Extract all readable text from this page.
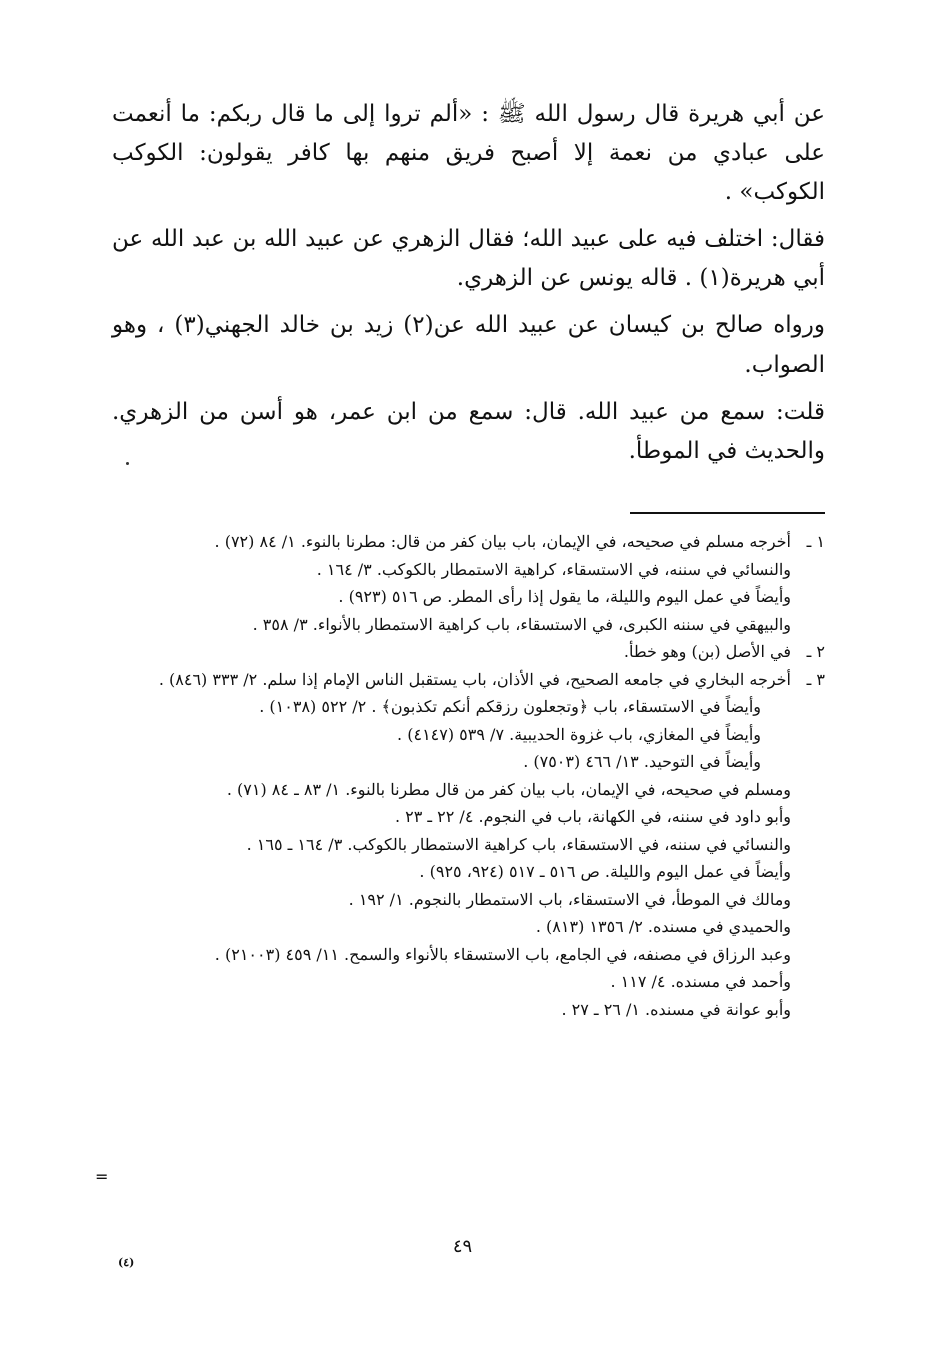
عن أبي هريرة قال رسول الله ﷺ : «ألم تروا إلى ما قال ربكم: ما أنعمت على عبادي من نعمة إلا أصبح فريق منهم بها كافر يقولون: الكوكب الكوكب» .

فقال: اختلف فيه على عبيد الله؛ فقال الزهري عن عبيد الله بن عبد الله عن أبي هريرة(١) . قاله يونس عن الزهري.

ورواه صالح بن كيسان عن عبيد الله عن(٢) زيد بن خالد الجهني(٣) ، وهو الصواب.

قلت: سمع من عبيد الله. قال: سمع من ابن عمر، هو أسن من الزهري. والحديث في الموطأ.

١ ـ
أخرجه مسلم في صحيحه، في الإيمان، باب بيان كفر من قال: مطرنا بالنوء. ١/ ٨٤ (٧٢) .
والنسائي في سننه، في الاستسقاء، كراهية الاستمطار بالكوكب. ٣/ ١٦٤ .
وأيضاً في عمل اليوم والليلة، ما يقول إذا رأى المطر. ص ٥١٦ (٩٢٣) .
والبيهقي في سننه الكبرى، في الاستسقاء، باب كراهية الاستمطار بالأنواء. ٣/ ٣٥٨ .
٢ ـ
في الأصل (بن) وهو خطأ.
٣ ـ
أخرجه البخاري في جامعه الصحيح، في الأذان، باب يستقبل الناس الإمام إذا سلم. ٢/ ٣٣٣ (٨٤٦) .
وأيضاً في الاستسقاء، باب ﴿وتجعلون رزقكم أنكم تكذبون﴾ . ٢/ ٥٢٢ (١٠٣٨) .
وأيضاً في المغازي، باب غزوة الحديبية. ٧/ ٥٣٩ (٤١٤٧) .
وأيضاً في التوحيد. ١٣/ ٤٦٦ (٧٥٠٣) .
ومسلم في صحيحه، في الإيمان، باب بيان كفر من قال مطرنا بالنوء. ١/ ٨٣ ـ ٨٤ (٧١) .
وأبو داود في سننه، في الكهانة، باب في النجوم. ٤/ ٢٢ ـ ٢٣ .
والنسائي في سننه، في الاستسقاء، باب كراهية الاستمطار بالكوكب. ٣/ ١٦٤ ـ ١٦٥ .
وأيضاً في عمل اليوم والليلة. ص ٥١٦ ـ ٥١٧ (٩٢٤، ٩٢٥) .
ومالك في الموطأ، في الاستسقاء، باب الاستمطار بالنجوم. ١/ ١٩٢ .
والحميدي في مسنده. ٢/ ١٣٥٦ (٨١٣) .
وعبد الرزاق في مصنفه، في الجامع، باب الاستسقاء بالأنواء والسمح. ١١/ ٤٥٩ (٢١٠٠٣) .
وأحمد في مسنده. ٤/ ١١٧ .
وأبو عوانة في مسنده. ١/ ٢٦ ـ ٢٧ .
=
٤٩
(٤)
